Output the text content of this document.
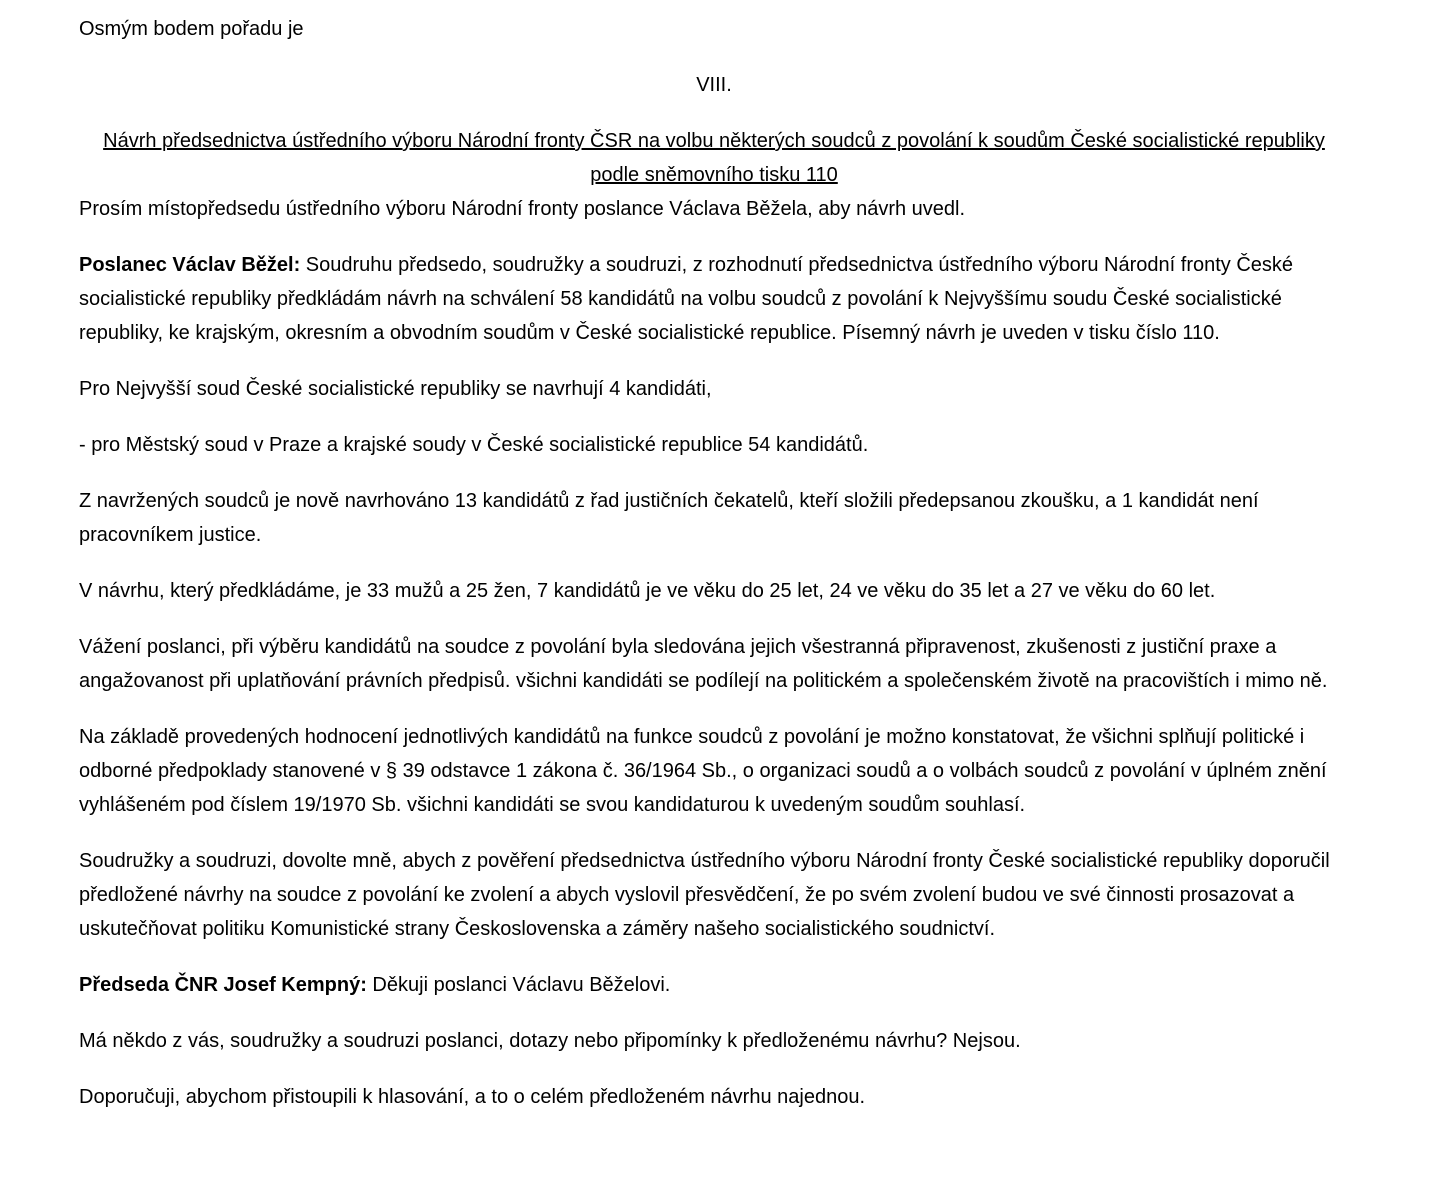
Osmým bodem pořadu je

VIII.

Návrh předsednictva ústředního výboru Národní fronty ČSR na volbu některých soudců z povolání k soudům České socialistické republiky podle sněmovního tisku 110

Prosím místopředsedu ústředního výboru Národní fronty poslance Václava Běžela, aby návrh uvedl.

Poslanec Václav Běžel: Soudruhu předsedo, soudružky a soudruzi, z rozhodnutí předsednictva ústředního výboru Národní fronty České socialistické republiky předkládám návrh na schválení 58 kandidátů na volbu soudců z povolání k Nejvyššímu soudu České socialistické republiky, ke krajským, okresním a obvodním soudům v České socialistické republice. Písemný návrh je uveden v tisku číslo 110.

Pro Nejvyšší soud České socialistické republiky se navrhují 4 kandidáti,

- pro Městský soud v Praze a krajské soudy v České socialistické republice 54 kandidátů.

Z navržených soudců je nově navrhováno 13 kandidátů z řad justičních čekatelů, kteří složili předepsanou zkoušku, a 1 kandidát není pracovníkem justice.

V návrhu, který předkládáme, je 33 mužů a 25 žen, 7 kandidátů je ve věku do 25 let, 24 ve věku do 35 let a 27 ve věku do 60 let.

Vážení poslanci, při výběru kandidátů na soudce z povolání byla sledována jejich všestranná připravenost, zkušenosti z justiční praxe a angažovanost při uplatňování právních předpisů. všichni kandidáti se podílejí na politickém a společenském životě na pracovištích i mimo ně.

Na základě provedených hodnocení jednotlivých kandidátů na funkce soudců z povolání je možno konstatovat, že všichni splňují politické i odborné předpoklady stanovené v § 39 odstavce 1 zákona č. 36/1964 Sb., o organizaci soudů a o volbách soudců z povolání v úplném znění vyhlášeném pod číslem 19/1970 Sb. všichni kandidáti se svou kandidaturou k uvedeným soudům souhlasí.

Soudružky a soudruzi, dovolte mně, abych z pověření předsednictva ústředního výboru Národní fronty České socialistické republiky doporučil předložené návrhy na soudce z povolání ke zvolení a abych vyslovil přesvědčení, že po svém zvolení budou ve své činnosti prosazovat a uskutečňovat politiku Komunistické strany Československa a záměry našeho socialistického soudnictví.

Předseda ČNR Josef Kempný: Děkuji poslanci Václavu Běželovi.

Má někdo z vás, soudružky a soudruzi poslanci, dotazy nebo připomínky k předloženému návrhu? Nejsou.

Doporučuji, abychom přistoupili k hlasování, a to o celém předloženém návrhu najednou.
